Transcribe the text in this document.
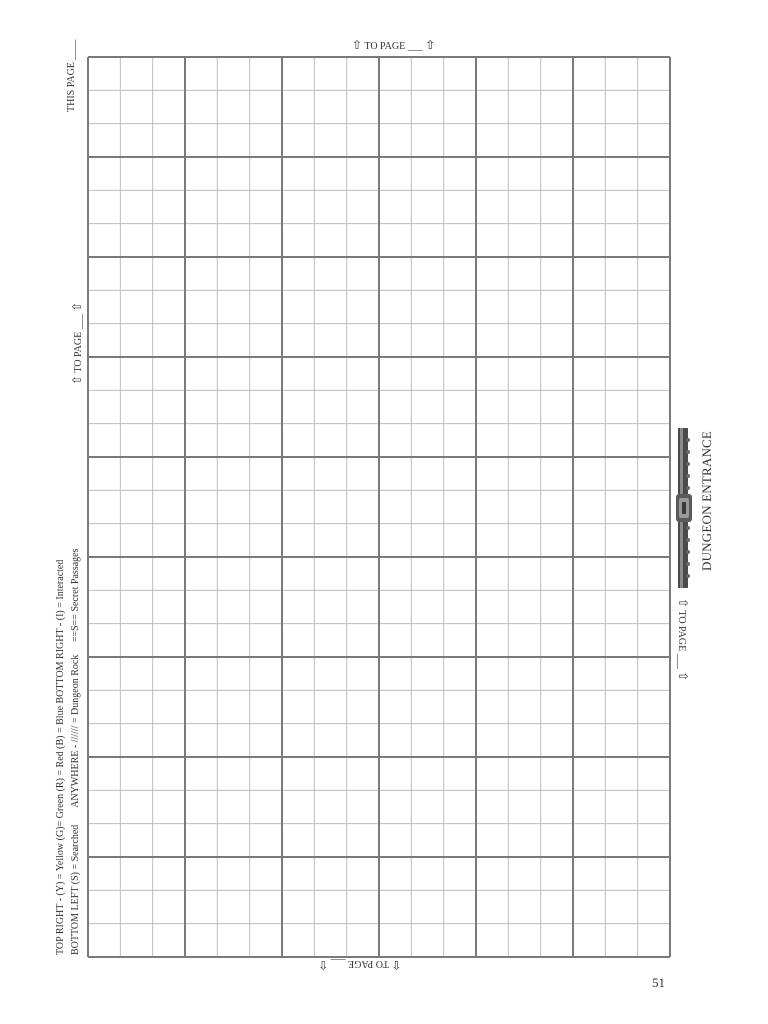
⇧ TO PAGE ___ ⇧
THIS PAGE ____
⇧ TO PAGE ___ ⇧
TOP RIGHT - (Y) = Yellow (G)= Green (R) = Red (B) = Blue BOTTOM RIGHT - (I) = Interacted BOTTOM LEFT (S) = Searched       ANYWHERE - ////// = Dungeon Rock     ==S== Secret Passages
⇧ TO PAGE ___ ⇧
⇧ TO PAGE ___ ⇧
DUNGEON ENTRANCE
51
